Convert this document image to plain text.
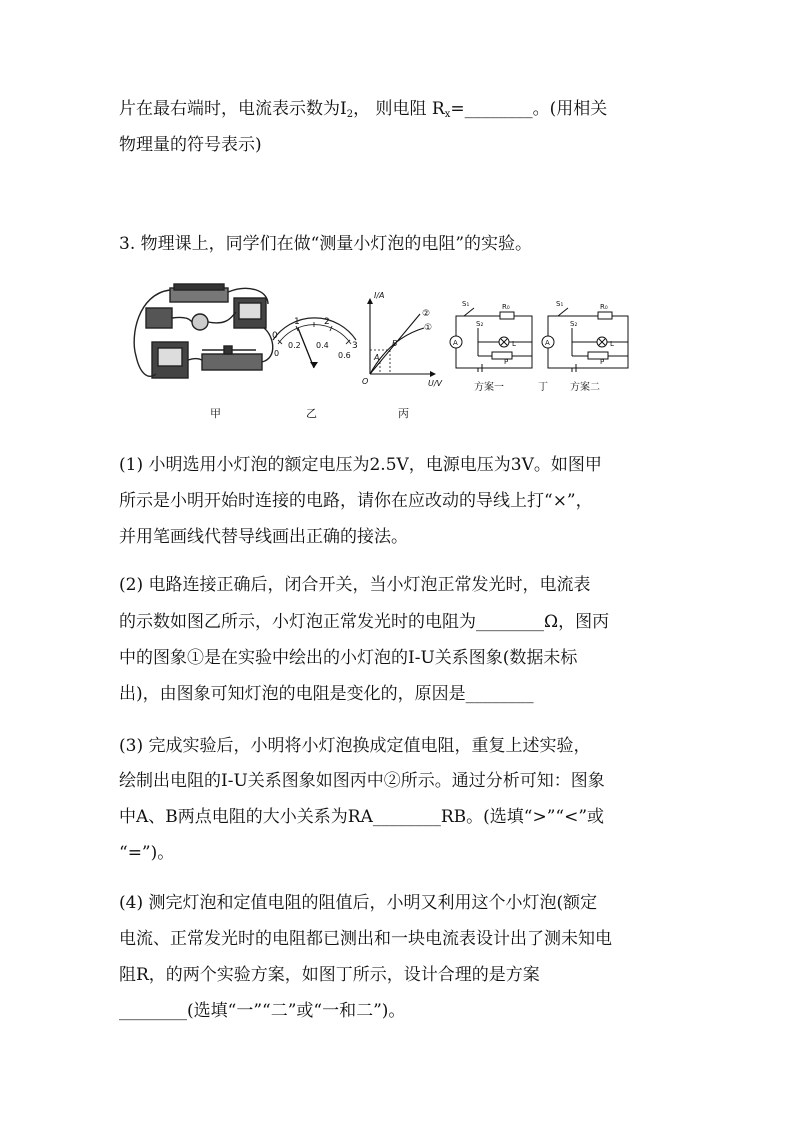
片在最右端时，电流表示数为$I_2$， 则电阻 $R_x=\_\_\_\_\_\_\_\_$。(用相关
物理量的符号表示)
3. 物理课上，同学们在做“测量小灯泡的电阻”的实验。
甲
0
1	2
3
0
0.2 0.4
0.6
乙
I/A
U/V
O
A
B
②
①
丙
S₁
S₂
R₀
A	L
P
方案一
S₁
S₂
R₀
A	L
P
方案二
丁
(1) 小明选用小灯泡的额定电压为2.5V，电源电压为3V。如图甲
所示是小明开始时连接的电路，请你在应改动的导线上打“×”，
并用笔画线代替导线画出正确的接法。
(2) 电路连接正确后，闭合开关，当小灯泡正常发光时，电流表
的示数如图乙所示，小灯泡正常发光时的电阻为________Ω，图丙
中的图象①是在实验中绘出的小灯泡的I-U关系图象(数据未标
出)，由图象可知灯泡的电阻是变化的，原因是________
(3) 完成实验后，小明将小灯泡换成定值电阻，重复上述实验，
绘制出电阻的I-U关系图象如图丙中②所示。通过分析可知：图象
中A、B两点电阻的大小关系为RA________RB。(选填“>”“<”或
“=”)。
(4) 测完灯泡和定值电阻的阻值后，小明又利用这个小灯泡(额定
电流、正常发光时的电阻都已测出和一块电流表设计出了测未知电
阻R，的两个实验方案，如图丁所示，设计合理的是方案
________(选填“一”“二”或“一和二”)。
